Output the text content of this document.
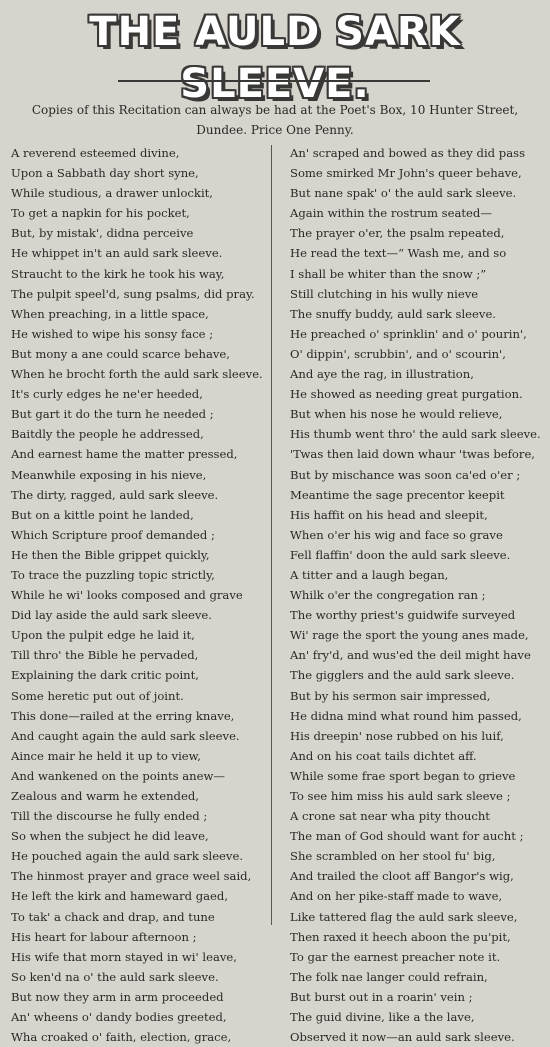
THE AULD SARK SLEEVE.
Copies of this Recitation can always be had at the Poet's Box, 10 Hunter Street,
Dundee. Price One Penny.
A reverend esteemed divine,
Upon a Sabbath day short syne,
While studious, a drawer unlockit,
To get a napkin for his pocket,
But, by mistak', didna perceive
He whippet in't an auld sark sleeve.
Straucht to the kirk he took his way,
The pulpit speel'd, sung psalms, did pray.
When preaching, in a little space,
He wished to wipe his sonsy face ;
But mony a ane could scarce behave,
When he brocht forth the auld sark sleeve.
It's curly edges he ne'er heeded,
But gart it do the turn he needed ;
Baitdly the people he addressed,
And earnest hame the matter pressed,
Meanwhile exposing in his nieve,
The dirty, ragged, auld sark sleeve.
But on a kittle point he landed,
Which Scripture proof demanded ;
He then the Bible grippet quickly,
To trace the puzzling topic strictly,
While he wi' looks composed and grave
Did lay aside the auld sark sleeve.
Upon the pulpit edge he laid it,
Till thro' the Bible he pervaded,
Explaining the dark critic point,
Some heretic put out of joint.
This done—railed at the erring knave,
And caught again the auld sark sleeve.
Aince mair he held it up to view,
And wankened on the points anew—
Zealous and warm he extended,
Till the discourse he fully ended ;
So when the subject he did leave,
He pouched again the auld sark sleeve.
The hinmost prayer and grace weel said,
He left the kirk and hameward gaed,
To tak' a chack and drap, and tune
His heart for labour afternoon ;
His wife that morn stayed in wi' leave,
So ken'd na o' the auld sark sleeve.
But now they arm in arm proceeded
An' wheens o' dandy bodies greeted,
Wha croaked o' faith, election, grace,
An' scraped and bowed as they did pass
Some smirked Mr John's queer behave,
But nane spak' o' the auld sark sleeve.
Again within the rostrum seated—
The prayer o'er, the psalm repeated,
He read the text—“ Wash me, and so
I shall be whiter than the snow ;”
Still clutching in his wully nieve
The snuffy buddy, auld sark sleeve.
He preached o' sprinklin' and o' pourin',
O' dippin', scrubbin', and o' scourin',
And aye the rag, in illustration,
He showed as needing great purgation.
But when his nose he would relieve,
His thumb went thro' the auld sark sleeve.
'Twas then laid down whaur 'twas before,
But by mischance was soon ca'ed o'er ;
Meantime the sage precentor keepit
His haffit on his head and sleepit,
When o'er his wig and face so grave
Fell flaffin' doon the auld sark sleeve.
A titter and a laugh began,
Whilk o'er the congregation ran ;
The worthy priest's guidwife surveyed
Wi' rage the sport the young anes made,
An' fry'd, and wus'ed the deil might have
The gigglers and the auld sark sleeve.
But by his sermon sair impressed,
He didna mind what round him passed,
His dreepin' nose rubbed on his luif,
And on his coat tails dichtet aff.
While some frae sport began to grieve
To see him miss his auld sark sleeve ;
A crone sat near wha pity thoucht
The man of God should want for aucht ;
She scrambled on her stool fu' big,
And trailed the cloot aff Bangor's wig,
And on her pike-staff made to wave,
Like tattered flag the auld sark sleeve,
Then raxed it heech aboon the pu'pit,
To gar the earnest preacher note it.
The folk nae langer could refrain,
But burst out in a roarin' vein ;
The guid divine, like a the lave,
Observed it now—an auld sark sleeve.
